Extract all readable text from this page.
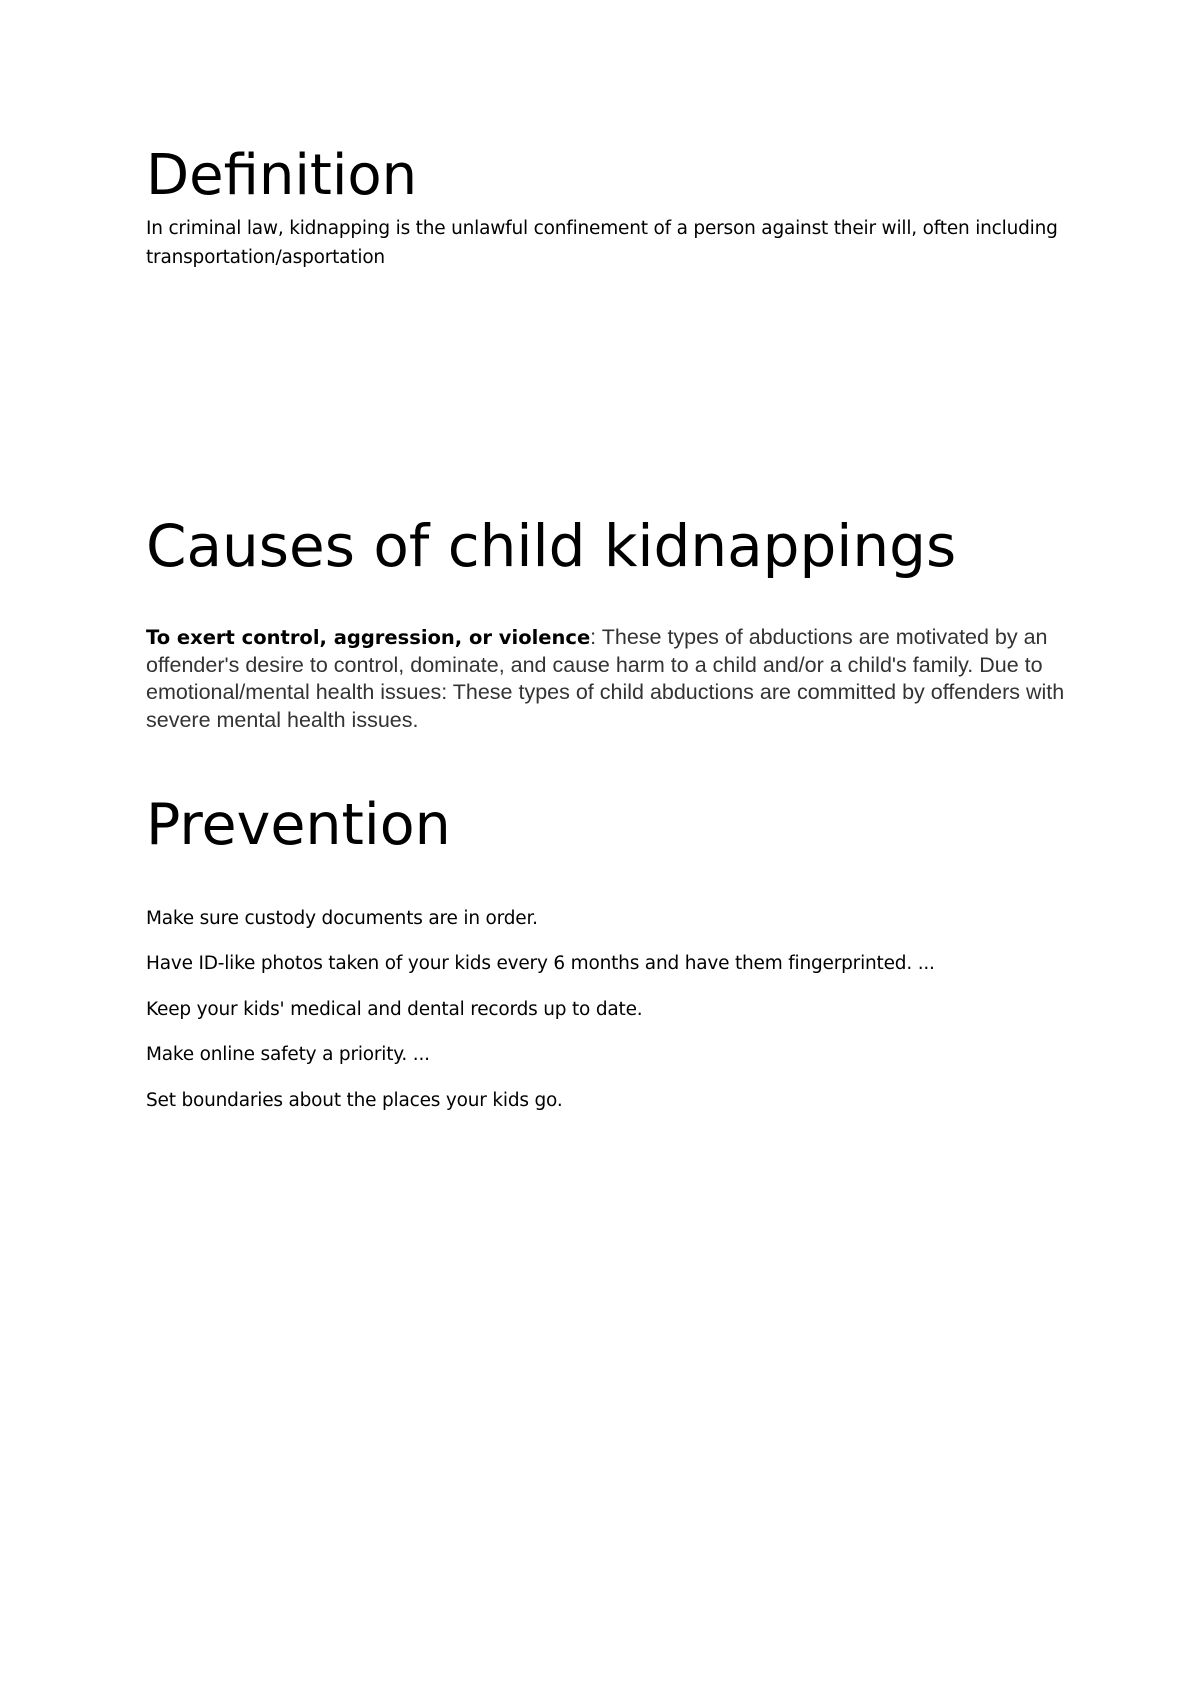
Definition

In criminal law, kidnapping is the unlawful confinement of a person against their will, often including transportation/asportation

Causes of child kidnappings

To exert control, aggression, or violence: These types of abductions are motivated by an offender's desire to control, dominate, and cause harm to a child and/or a child's family. Due to emotional/mental health issues: These types of child abductions are committed by offenders with severe mental health issues.

Prevention

Make sure custody documents are in order.

Have ID-like photos taken of your kids every 6 months and have them fingerprinted. ...

Keep your kids' medical and dental records up to date.

Make online safety a priority. ...

Set boundaries about the places your kids go.
